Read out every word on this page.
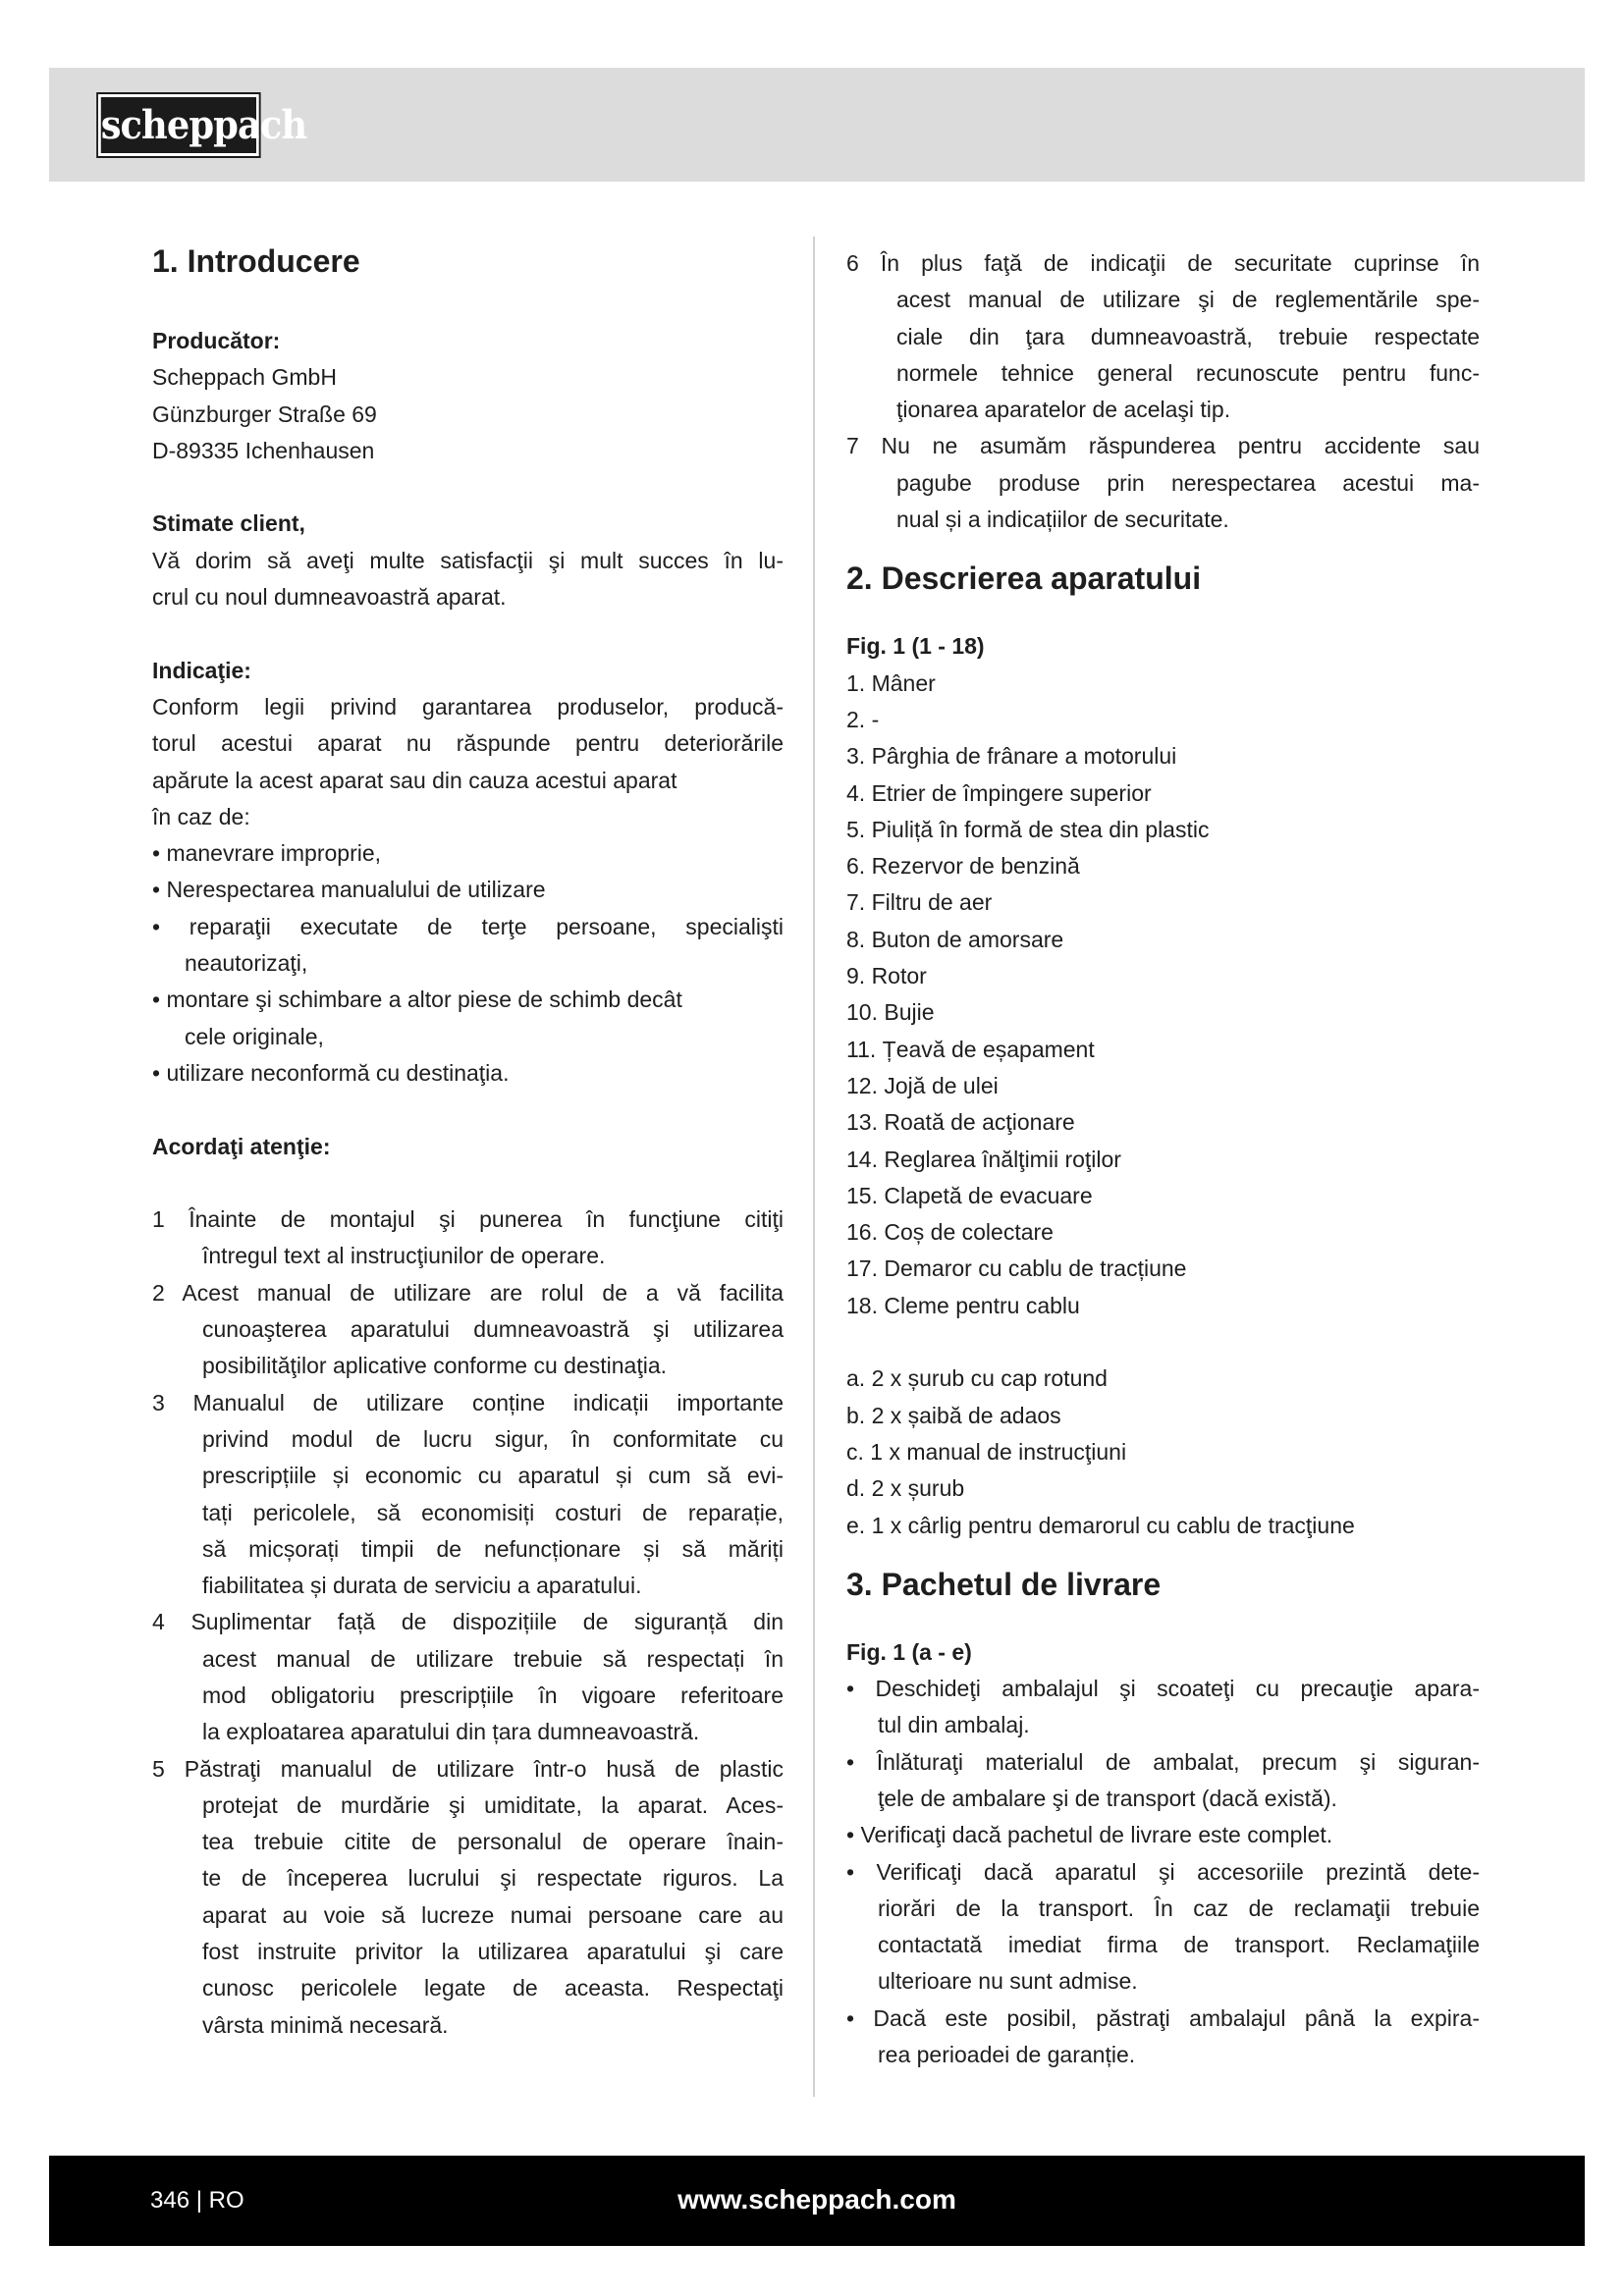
scheppach
1. Introducere
Producător:
Scheppach GmbH
Günzburger Straße 69
D-89335 Ichenhausen
Stimate client,
Vă dorim să aveţi multe satisfacţii şi mult succes în lu-
crul cu noul dumneavoastră aparat.
Indicaţie:
Conform legii privind garantarea produselor, producă-
torul acestui aparat nu răspunde pentru deteriorările
apărute la acest aparat sau din cauza acestui aparat
în caz de:
• manevrare improprie,
• Nerespectarea manualului de utilizare
• reparaţii executate de terţe persoane, specialişti
neautorizaţi,
• montare şi schimbare a altor piese de schimb decât
cele originale,
• utilizare neconformă cu destinaţia.
Acordaţi atenţie:
1 Înainte de montajul şi punerea în funcţiune citiţi
întregul text al instrucţiunilor de operare.
2 Acest manual de utilizare are rolul de a vă facilita
cunoaşterea aparatului dumneavoastră şi utilizarea
posibilităţilor aplicative conforme cu destinaţia.
3 Manualul de utilizare conține indicații importante
privind modul de lucru sigur, în conformitate cu
prescripțiile și economic cu aparatul și cum să evi-
tați pericolele, să economisiți costuri de reparație,
să micșorați timpii de nefuncționare și să măriți
fiabilitatea și durata de serviciu a aparatului.
4 Suplimentar față de dispozițiile de siguranță din
acest manual de utilizare trebuie să respectați în
mod obligatoriu prescripțiile în vigoare referitoare
la exploatarea aparatului din țara dumneavoastră.
5 Păstraţi manualul de utilizare într-o husă de plastic
protejat de murdărie şi umiditate, la aparat. Aces-
tea trebuie citite de personalul de operare înain-
te de începerea lucrului şi respectate riguros. La
aparat au voie să lucreze numai persoane care au
fost instruite privitor la utilizarea aparatului şi care
cunosc pericolele legate de aceasta. Respectaţi
vârsta minimă necesară.
6 În plus faţă de indicaţii de securitate cuprinse în
acest manual de utilizare şi de reglementările spe-
ciale din ţara dumneavoastră, trebuie respectate
normele tehnice general recunoscute pentru func-
ţionarea aparatelor de acelaşi tip.
7 Nu ne asumăm răspunderea pentru accidente sau
pagube produse prin nerespectarea acestui ma-
nual și a indicațiilor de securitate.
2. Descrierea aparatului
Fig. 1 (1 - 18)
1. Mâner
2. -
3. Pârghia de frânare a motorului
4. Etrier de împingere superior
5. Piuliță în formă de stea din plastic
6. Rezervor de benzină
7. Filtru de aer
8. Buton de amorsare
9. Rotor
10. Bujie
11. Țeavă de eșapament
12. Jojă de ulei
13. Roată de acţionare
14. Reglarea înălţimii roţilor
15. Clapetă de evacuare
16. Coș de colectare
17. Demaror cu cablu de tracțiune
18. Cleme pentru cablu
a. 2 x șurub cu cap rotund
b. 2 x șaibă de adaos
c. 1 x manual de instrucţiuni
d. 2 x șurub
e. 1 x cârlig pentru demarorul cu cablu de tracţiune
3. Pachetul de livrare
Fig. 1 (a - e)
• Deschideţi ambalajul şi scoateţi cu precauţie apara-
tul din ambalaj.
• Înlăturaţi materialul de ambalat, precum şi siguran-
ţele de ambalare şi de transport (dacă există).
• Verificaţi dacă pachetul de livrare este complet.
• Verificaţi dacă aparatul şi accesoriile prezintă dete-
riorări de la transport. În caz de reclamaţii trebuie
contactată imediat firma de transport. Reclamaţiile
ulterioare nu sunt admise.
• Dacă este posibil, păstraţi ambalajul până la expira-
rea perioadei de garanție.
346 | RO	www.scheppach.com
